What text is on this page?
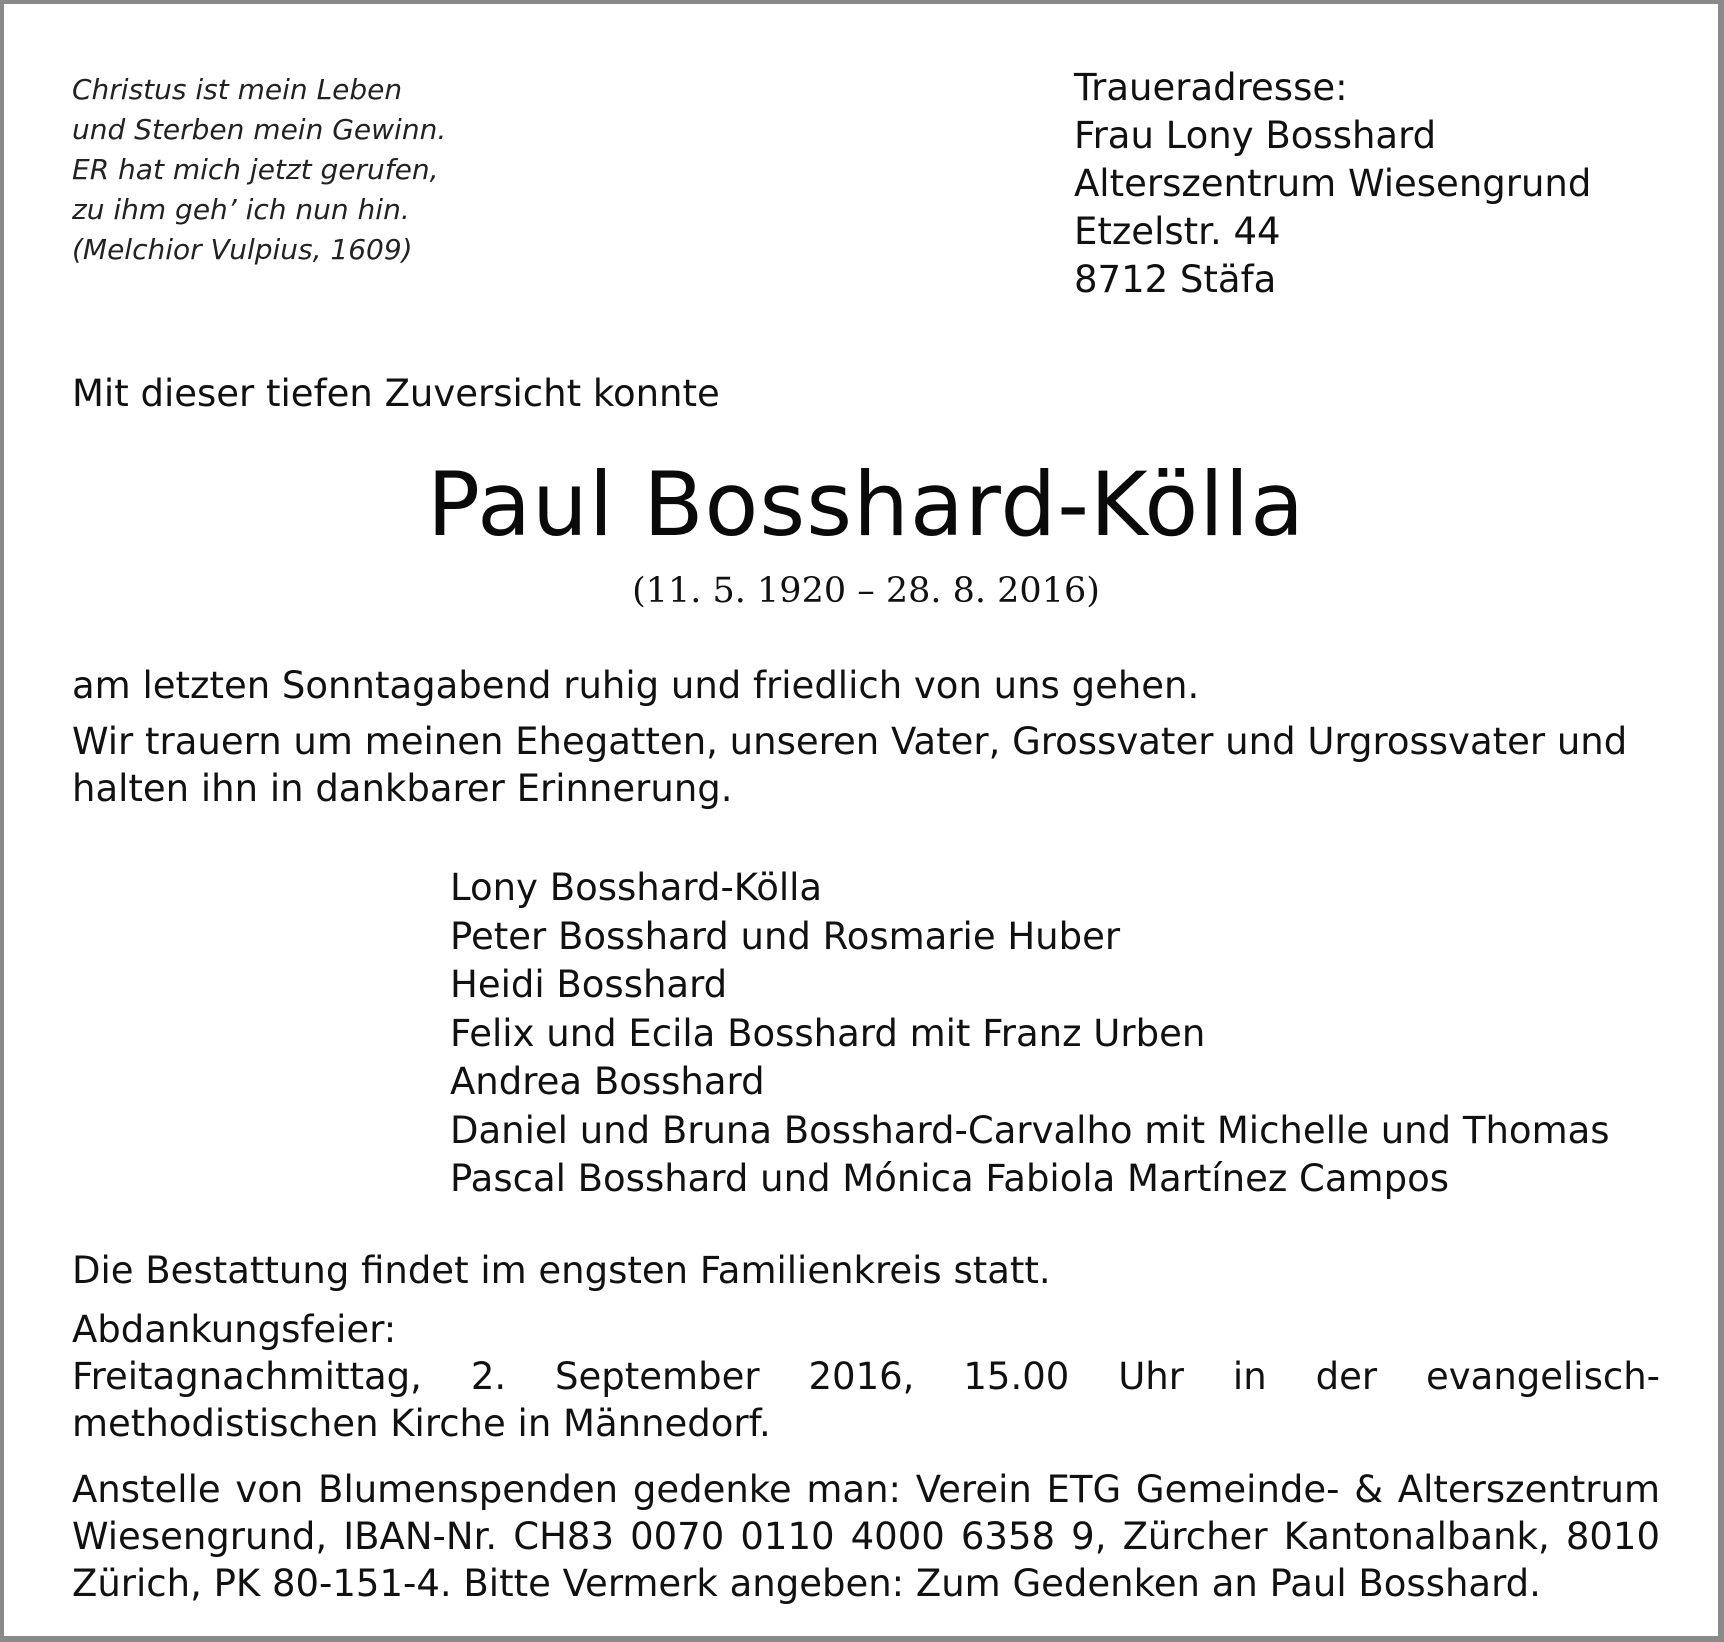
Christus ist mein Leben
und Sterben mein Gewinn.
ER hat mich jetzt gerufen,
zu ihm geh’ ich nun hin.
(Melchior Vulpius, 1609)
Traueradresse:
Frau Lony Bosshard
Alterszentrum Wiesengrund
Etzelstr. 44
8712 Stäfa
Mit dieser tiefen Zuversicht konnte
Paul Bosshard-Kölla
(11. 5. 1920 – 28. 8. 2016)
am letzten Sonntagabend ruhig und friedlich von uns gehen.
Wir trauern um meinen Ehegatten, unseren Vater, Grossvater und Urgrossvater und halten ihn in dankbarer Erinnerung.
Lony Bosshard-Kölla
Peter Bosshard und Rosmarie Huber
Heidi Bosshard
Felix und Ecila Bosshard mit Franz Urben
Andrea Bosshard
Daniel und Bruna Bosshard-Carvalho mit Michelle und Thomas
Pascal Bosshard und Mónica Fabiola Martínez Campos
Die Bestattung findet im engsten Familienkreis statt.
Abdankungsfeier:
Freitagnachmittag, 2. September 2016, 15.00 Uhr in der evangelisch-methodistischen Kirche in Männedorf.
Anstelle von Blumenspenden gedenke man: Verein ETG Gemeinde- & Alterszentrum Wiesengrund, IBAN-Nr. CH83 0070 0110 4000 6358 9, Zürcher Kantonalbank, 8010 Zürich, PK 80-151-4. Bitte Vermerk angeben: Zum Gedenken an Paul Bosshard.
